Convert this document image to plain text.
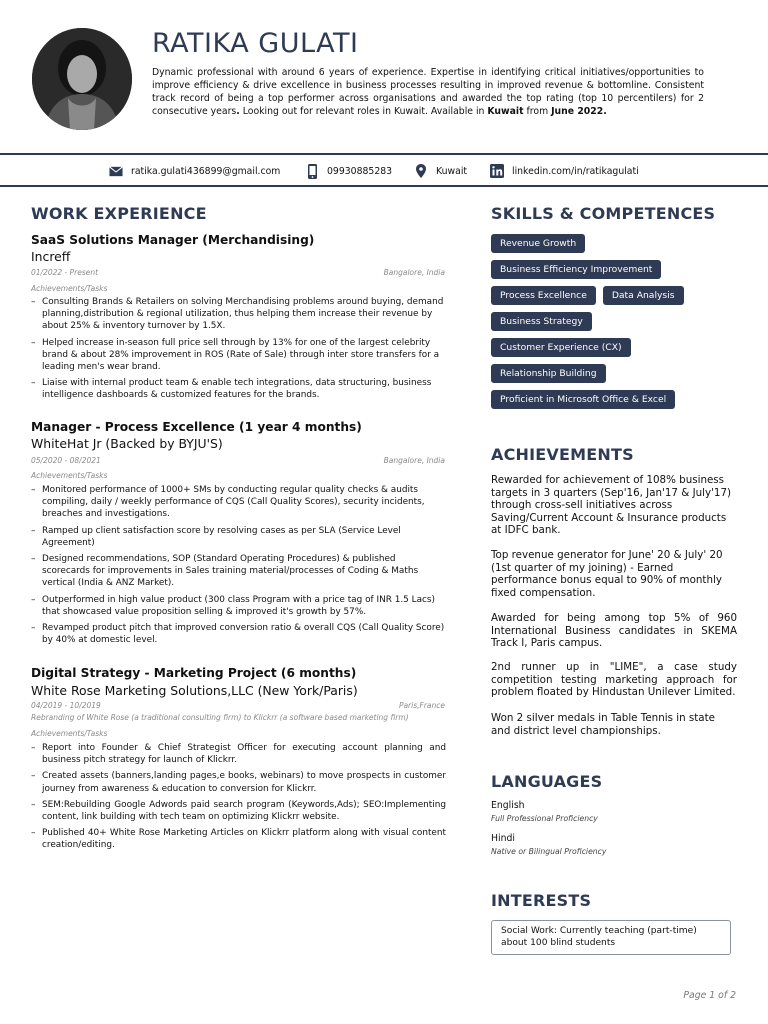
RATIKA GULATI

Dynamic professional with around 6 years of experience. Expertise in identifying critical initiatives/opportunities to improve efficiency & drive excellence in business processes resulting in improved revenue & bottomline. Consistent track record of being a top performer across organisations and awarded the top rating (top 10 percentilers) for 2 consecutive years. Looking out for relevant roles in Kuwait. Available in Kuwait from June 2022.

ratika.gulati436899@gmail.com	09930885283	Kuwait	linkedin.com/in/ratikagulati
WORK EXPERIENCE
SaaS Solutions Manager (Merchandising)
Increff
01/2022 - Present	Bangalore, India
Achievements/Tasks
– Consulting Brands & Retailers on solving Merchandising problems around buying, demand planning,distribution & regional utilization, thus helping them increase their revenue by about 25% & inventory turnover by 1.5X.
– Helped increase in-season full price sell through by 13% for one of the largest celebrity brand & about 28% improvement in ROS (Rate of Sale) through inter store transfers for a leading men's wear brand.
– Liaise with internal product team & enable tech integrations, data structuring, business intelligence dashboards & customized features for the brands.
Manager - Process Excellence (1 year 4 months)
WhiteHat Jr (Backed by BYJU'S)
05/2020 - 08/2021	Bangalore, India
Achievements/Tasks
– Monitored performance of 1000+ SMs by conducting regular quality checks & audits compiling, daily / weekly performance of CQS (Call Quality Scores), security incidents, breaches and investigations.
– Ramped up client satisfaction score by resolving cases as per SLA (Service Level Agreement)
– Designed recommendations, SOP (Standard Operating Procedures) & published scorecards for improvements in Sales training material/processes of Coding & Maths vertical (India & ANZ Market).
– Outperformed in high value product (300 class Program with a price tag of INR 1.5 Lacs) that showcased value proposition selling & improved it's growth by 57%.
– Revamped product pitch that improved conversion ratio & overall CQS (Call Quality Score) by 40% at domestic level.
Digital Strategy - Marketing Project (6 months)
White Rose Marketing Solutions,LLC (New York/Paris)
04/2019 - 10/2019	Paris,France
Rebranding of White Rose (a traditional consulting firm) to Klickrr (a software based marketing firm)
Achievements/Tasks
– Report into Founder & Chief Strategist Officer for executing account planning and business pitch strategy for launch of Klickrr.
– Created assets (banners,landing pages,e books, webinars) to move prospects in customer journey from awareness & education to conversion for Klickrr.
– SEM:Rebuilding Google Adwords paid search program (Keywords,Ads); SEO:Implementing content, link building with tech team on optimizing Klickrr website.
– Published 40+ White Rose Marketing Articles on Klickrr platform along with visual content creation/editing.
SKILLS & COMPETENCES
Revenue Growth
Business Efficiency Improvement
Process Excellence	Data Analysis
Business Strategy
Customer Experience (CX)
Relationship Building
Proficient in Microsoft Office & Excel
ACHIEVEMENTS

Rewarded for achievement of 108% business targets in 3 quarters (Sep'16, Jan'17 & July'17) through cross-sell initiatives across Saving/Current Account & Insurance products at IDFC bank.

Top revenue generator for June' 20 & July' 20 (1st quarter of my joining) - Earned performance bonus equal to 90% of monthly fixed compensation.

Awarded for being among top 5% of 960 International Business candidates in SKEMA Track I, Paris campus.

2nd runner up in "LIME", a case study competition testing marketing approach for problem floated by Hindustan Unilever Limited.

Won 2 silver medals in Table Tennis in state and district level championships.

LANGUAGES
English
Full Professional Proficiency
Hindi
Native or Bilingual Proficiency
INTERESTS
Social Work: Currently teaching (part-time) about 100 blind students
Page 1 of 2
